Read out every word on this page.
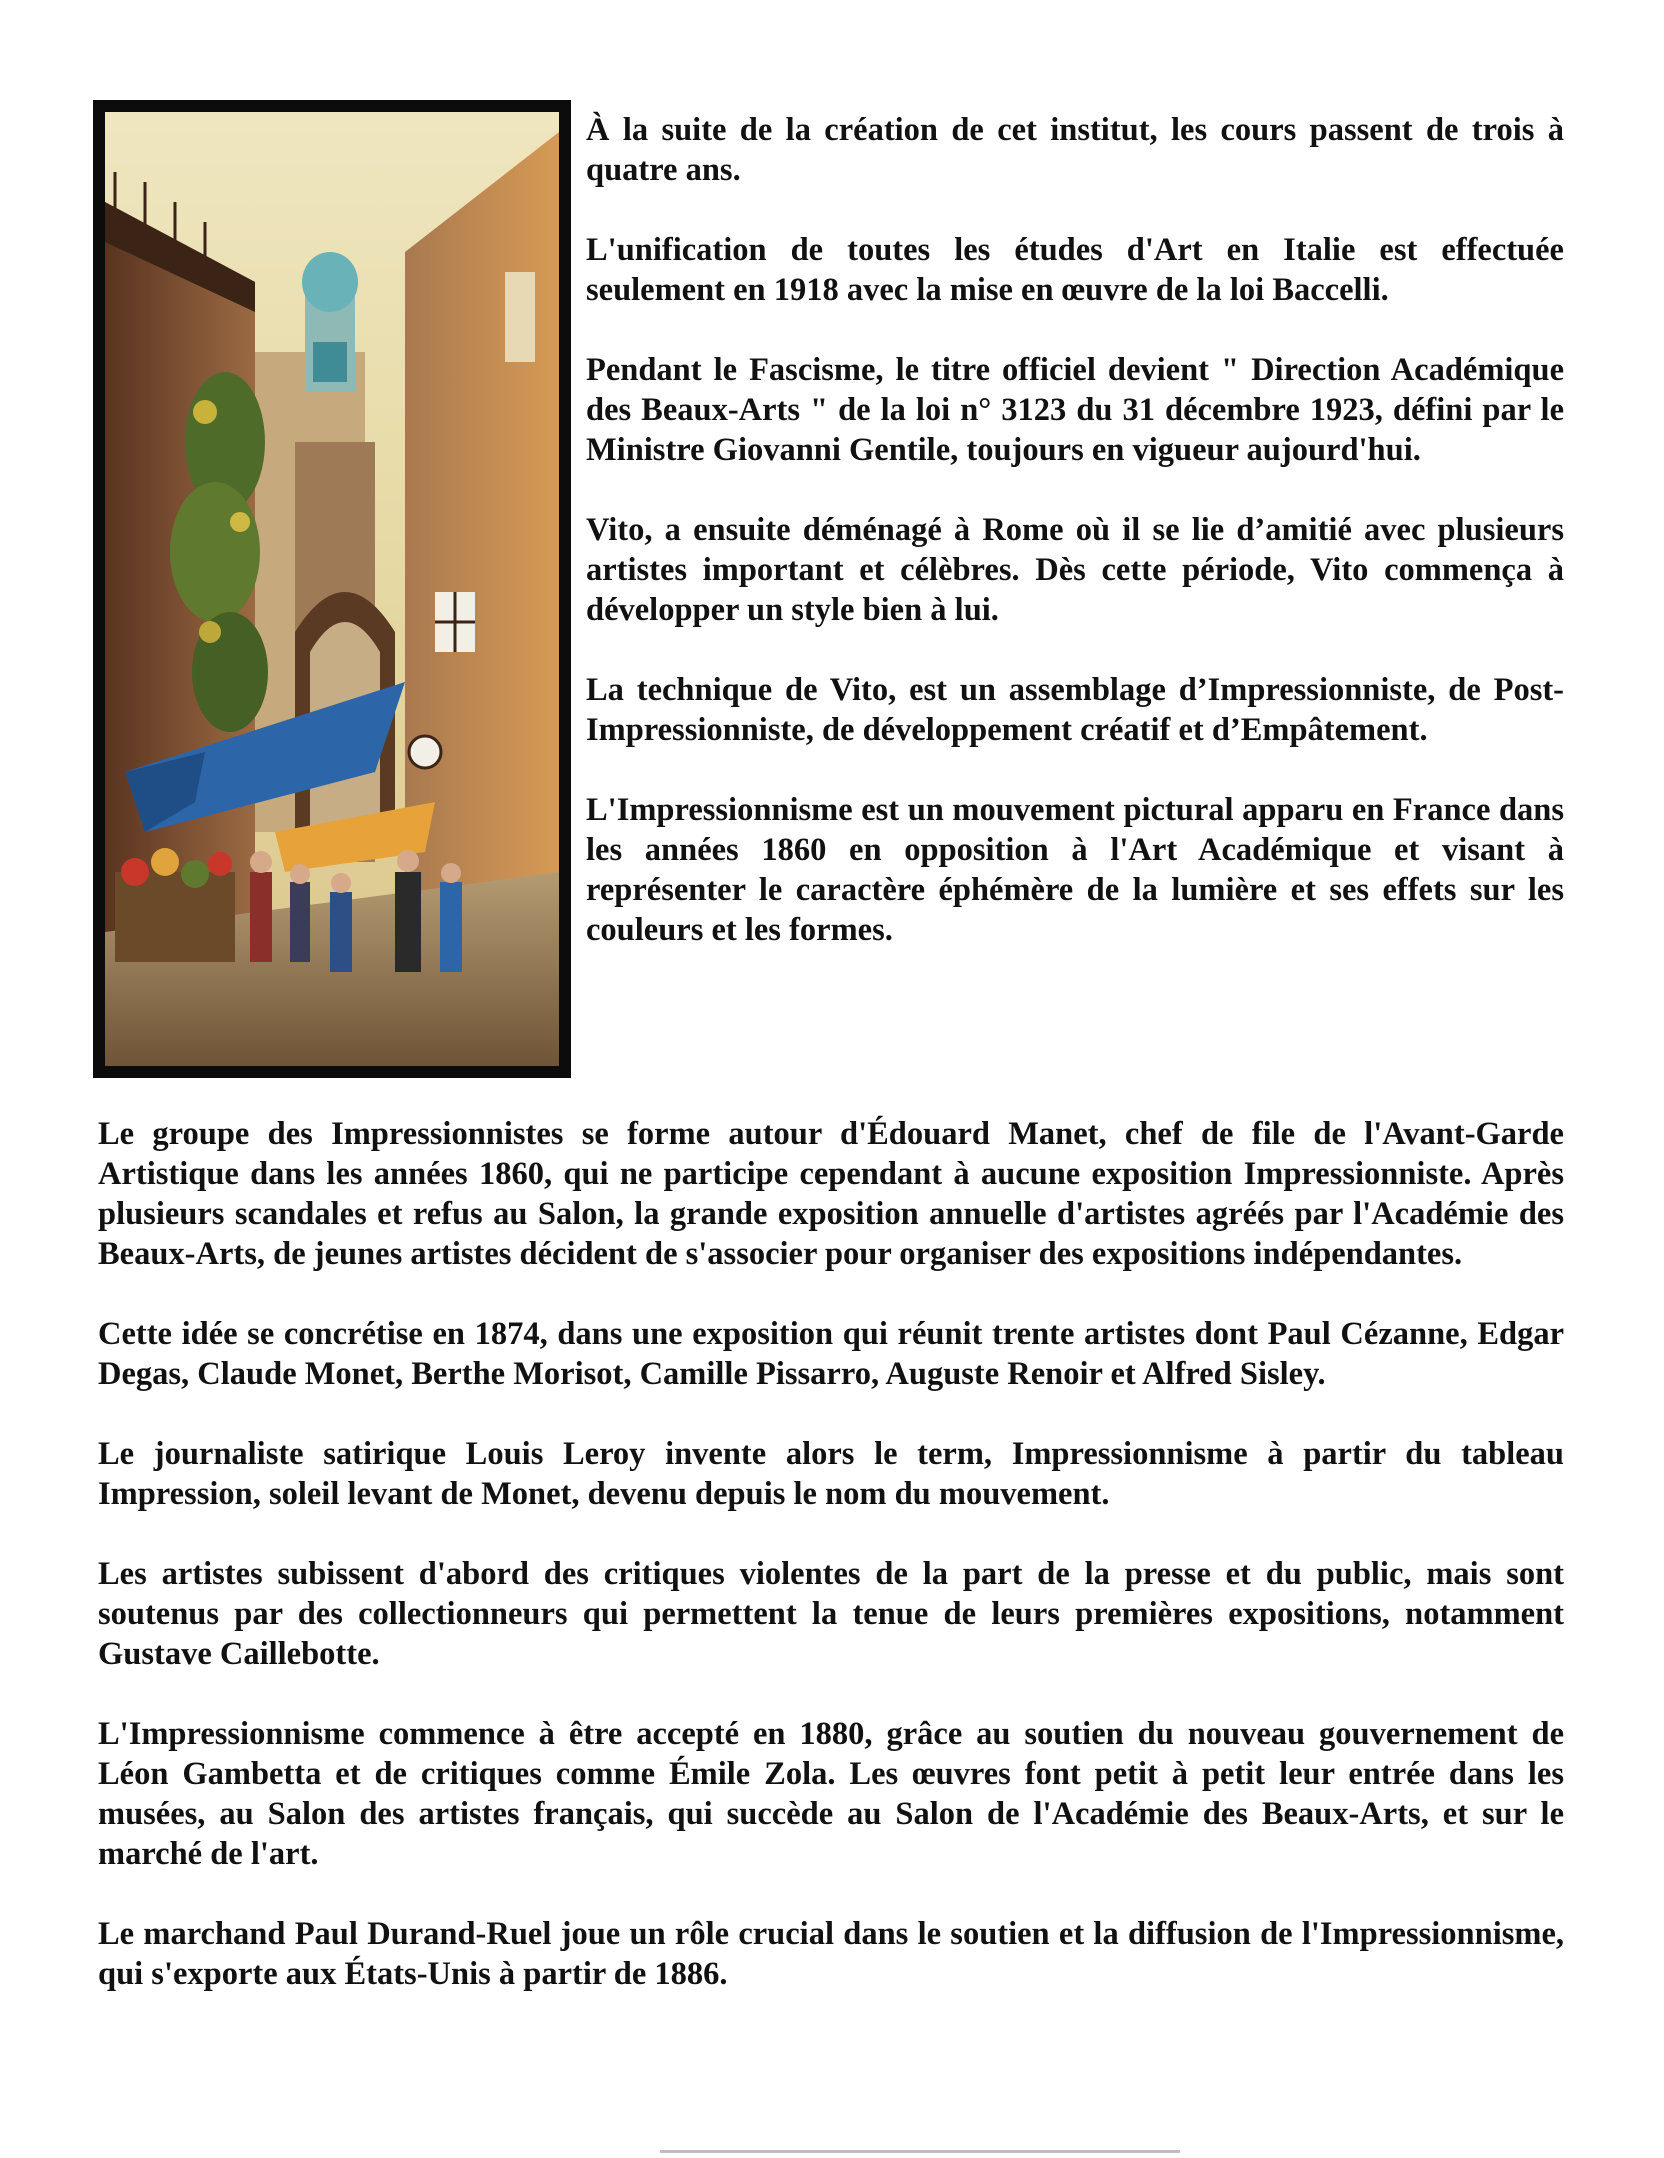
À la suite de la création de cet institut, les cours passent de trois à quatre ans.

L'unification de toutes les études d'Art en Italie est effectuée seulement en 1918 avec la mise en œuvre de la loi Baccelli.

Pendant le Fascisme, le titre officiel devient " Direction Académique des Beaux-Arts " de la loi n° 3123 du 31 décembre 1923, défini par le Ministre Giovanni Gentile, toujours en vigueur aujourd'hui.

Vito, a ensuite déménagé à Rome où il se lie d’amitié avec plusieurs artistes important et célèbres. Dès cette période, Vito commença à développer un style bien à lui.

La technique de Vito, est un assemblage d’Impressionniste, de Post-Impressionniste, de développement créatif et d’Empâtement.

L'Impressionnisme est un mouvement pictural apparu en France dans les années 1860 en opposition à l'Art Académique et visant à représenter le caractère éphémère de la lumière et ses effets sur les couleurs et les formes.

Le groupe des Impressionnistes se forme autour d'Édouard Manet, chef de file de l'Avant-Garde Artistique dans les années 1860, qui ne participe cependant à aucune exposition Impressionniste. Après plusieurs scandales et refus au Salon, la grande exposition annuelle d'artistes agréés par l'Académie des Beaux-Arts, de jeunes artistes décident de s'associer pour organiser des expositions indépendantes.

Cette idée se concrétise en 1874, dans une exposition qui réunit trente artistes dont Paul Cézanne, Edgar Degas, Claude Monet, Berthe Morisot, Camille Pissarro, Auguste Renoir et Alfred Sisley.

Le journaliste satirique Louis Leroy invente alors le term, Impressionnisme à partir du tableau Impression, soleil levant de Monet, devenu depuis le nom du mouvement.

Les artistes subissent d'abord des critiques violentes de la part de la presse et du public, mais sont soutenus par des collectionneurs qui permettent la tenue de leurs premières expositions, notamment Gustave Caillebotte.

L'Impressionnisme commence à être accepté en 1880, grâce au soutien du nouveau gouvernement de Léon Gambetta et de critiques comme Émile Zola. Les œuvres font petit à petit leur entrée dans les musées, au Salon des artistes français, qui succède au Salon de l'Académie des Beaux-Arts, et sur le marché de l'art.

Le marchand Paul Durand-Ruel joue un rôle crucial dans le soutien et la diffusion de l'Impressionnisme, qui s'exporte aux États-Unis à partir de 1886.
